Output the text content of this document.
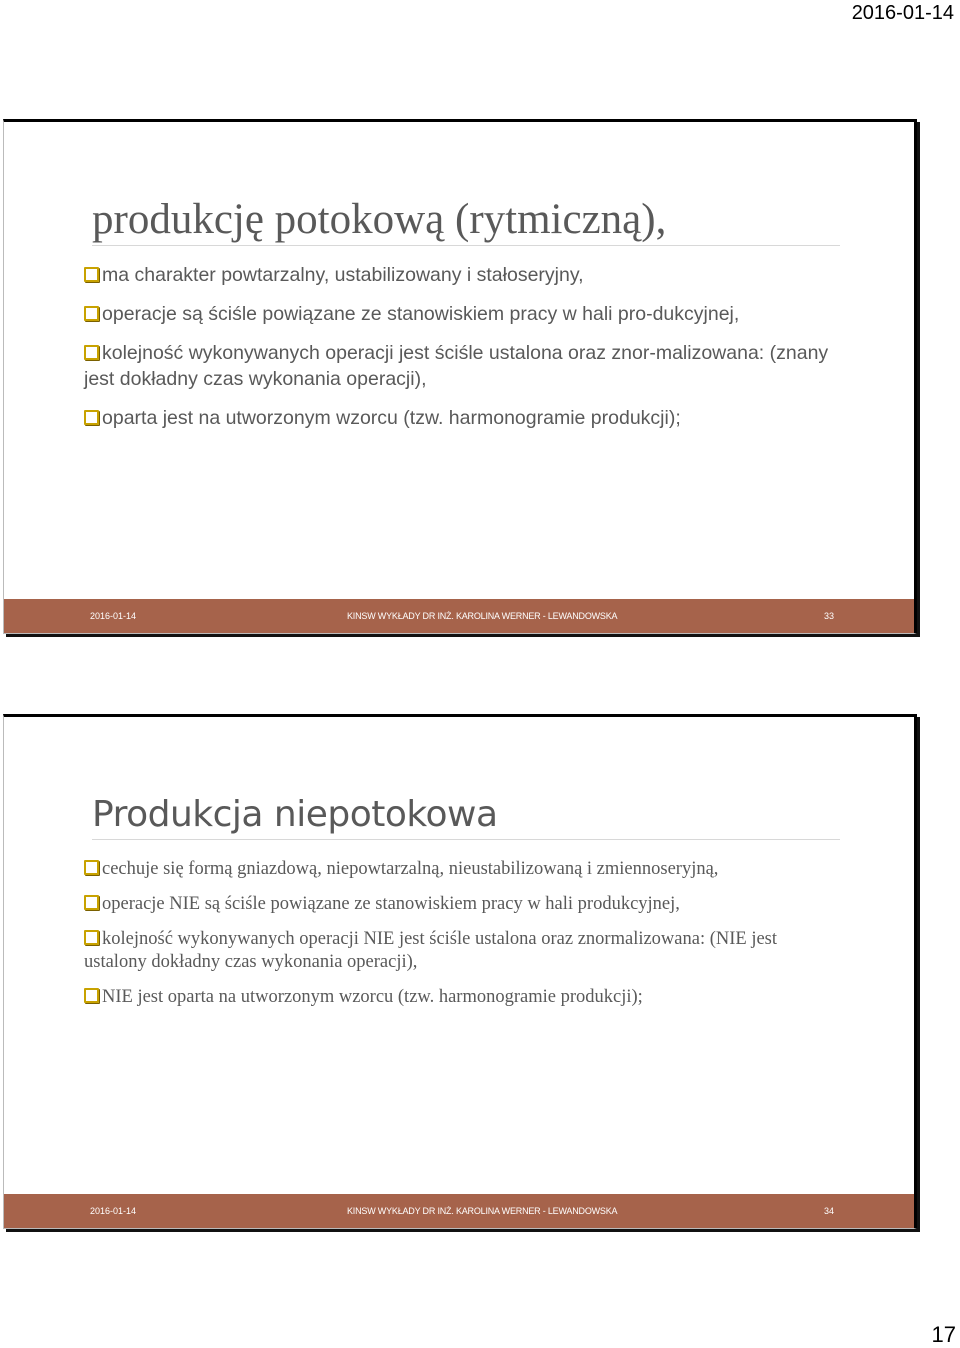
2016-01-14
produkcję potokową (rytmiczną),
ma charakter powtarzalny, ustabilizowany i stałoseryjny,
operacje są ściśle powiązane ze stanowiskiem pracy w hali pro-dukcyjnej,
kolejność wykonywanych operacji jest ściśle ustalona oraz znor-malizowana: (znany jest dokładny czas wykonania operacji),
oparta jest na utworzonym wzorcu (tzw. harmonogramie produkcji);
2016-01-14	KINSW WYKŁADY DR INŻ. KAROLINA WERNER - LEWANDOWSKA	33
Produkcja niepotokowa
cechuje się formą gniazdową, niepowtarzalną, nieustabilizowaną i zmiennoseryjną,
operacje NIE są ściśle powiązane ze stanowiskiem pracy w hali produkcyjnej,
kolejność wykonywanych operacji NIE jest ściśle ustalona oraz znormalizowana: (NIE jest ustalony dokładny czas wykonania operacji),
NIE jest oparta na utworzonym wzorcu (tzw. harmonogramie produkcji);
2016-01-14	KINSW WYKŁADY DR INŻ. KAROLINA WERNER - LEWANDOWSKA	34
17
